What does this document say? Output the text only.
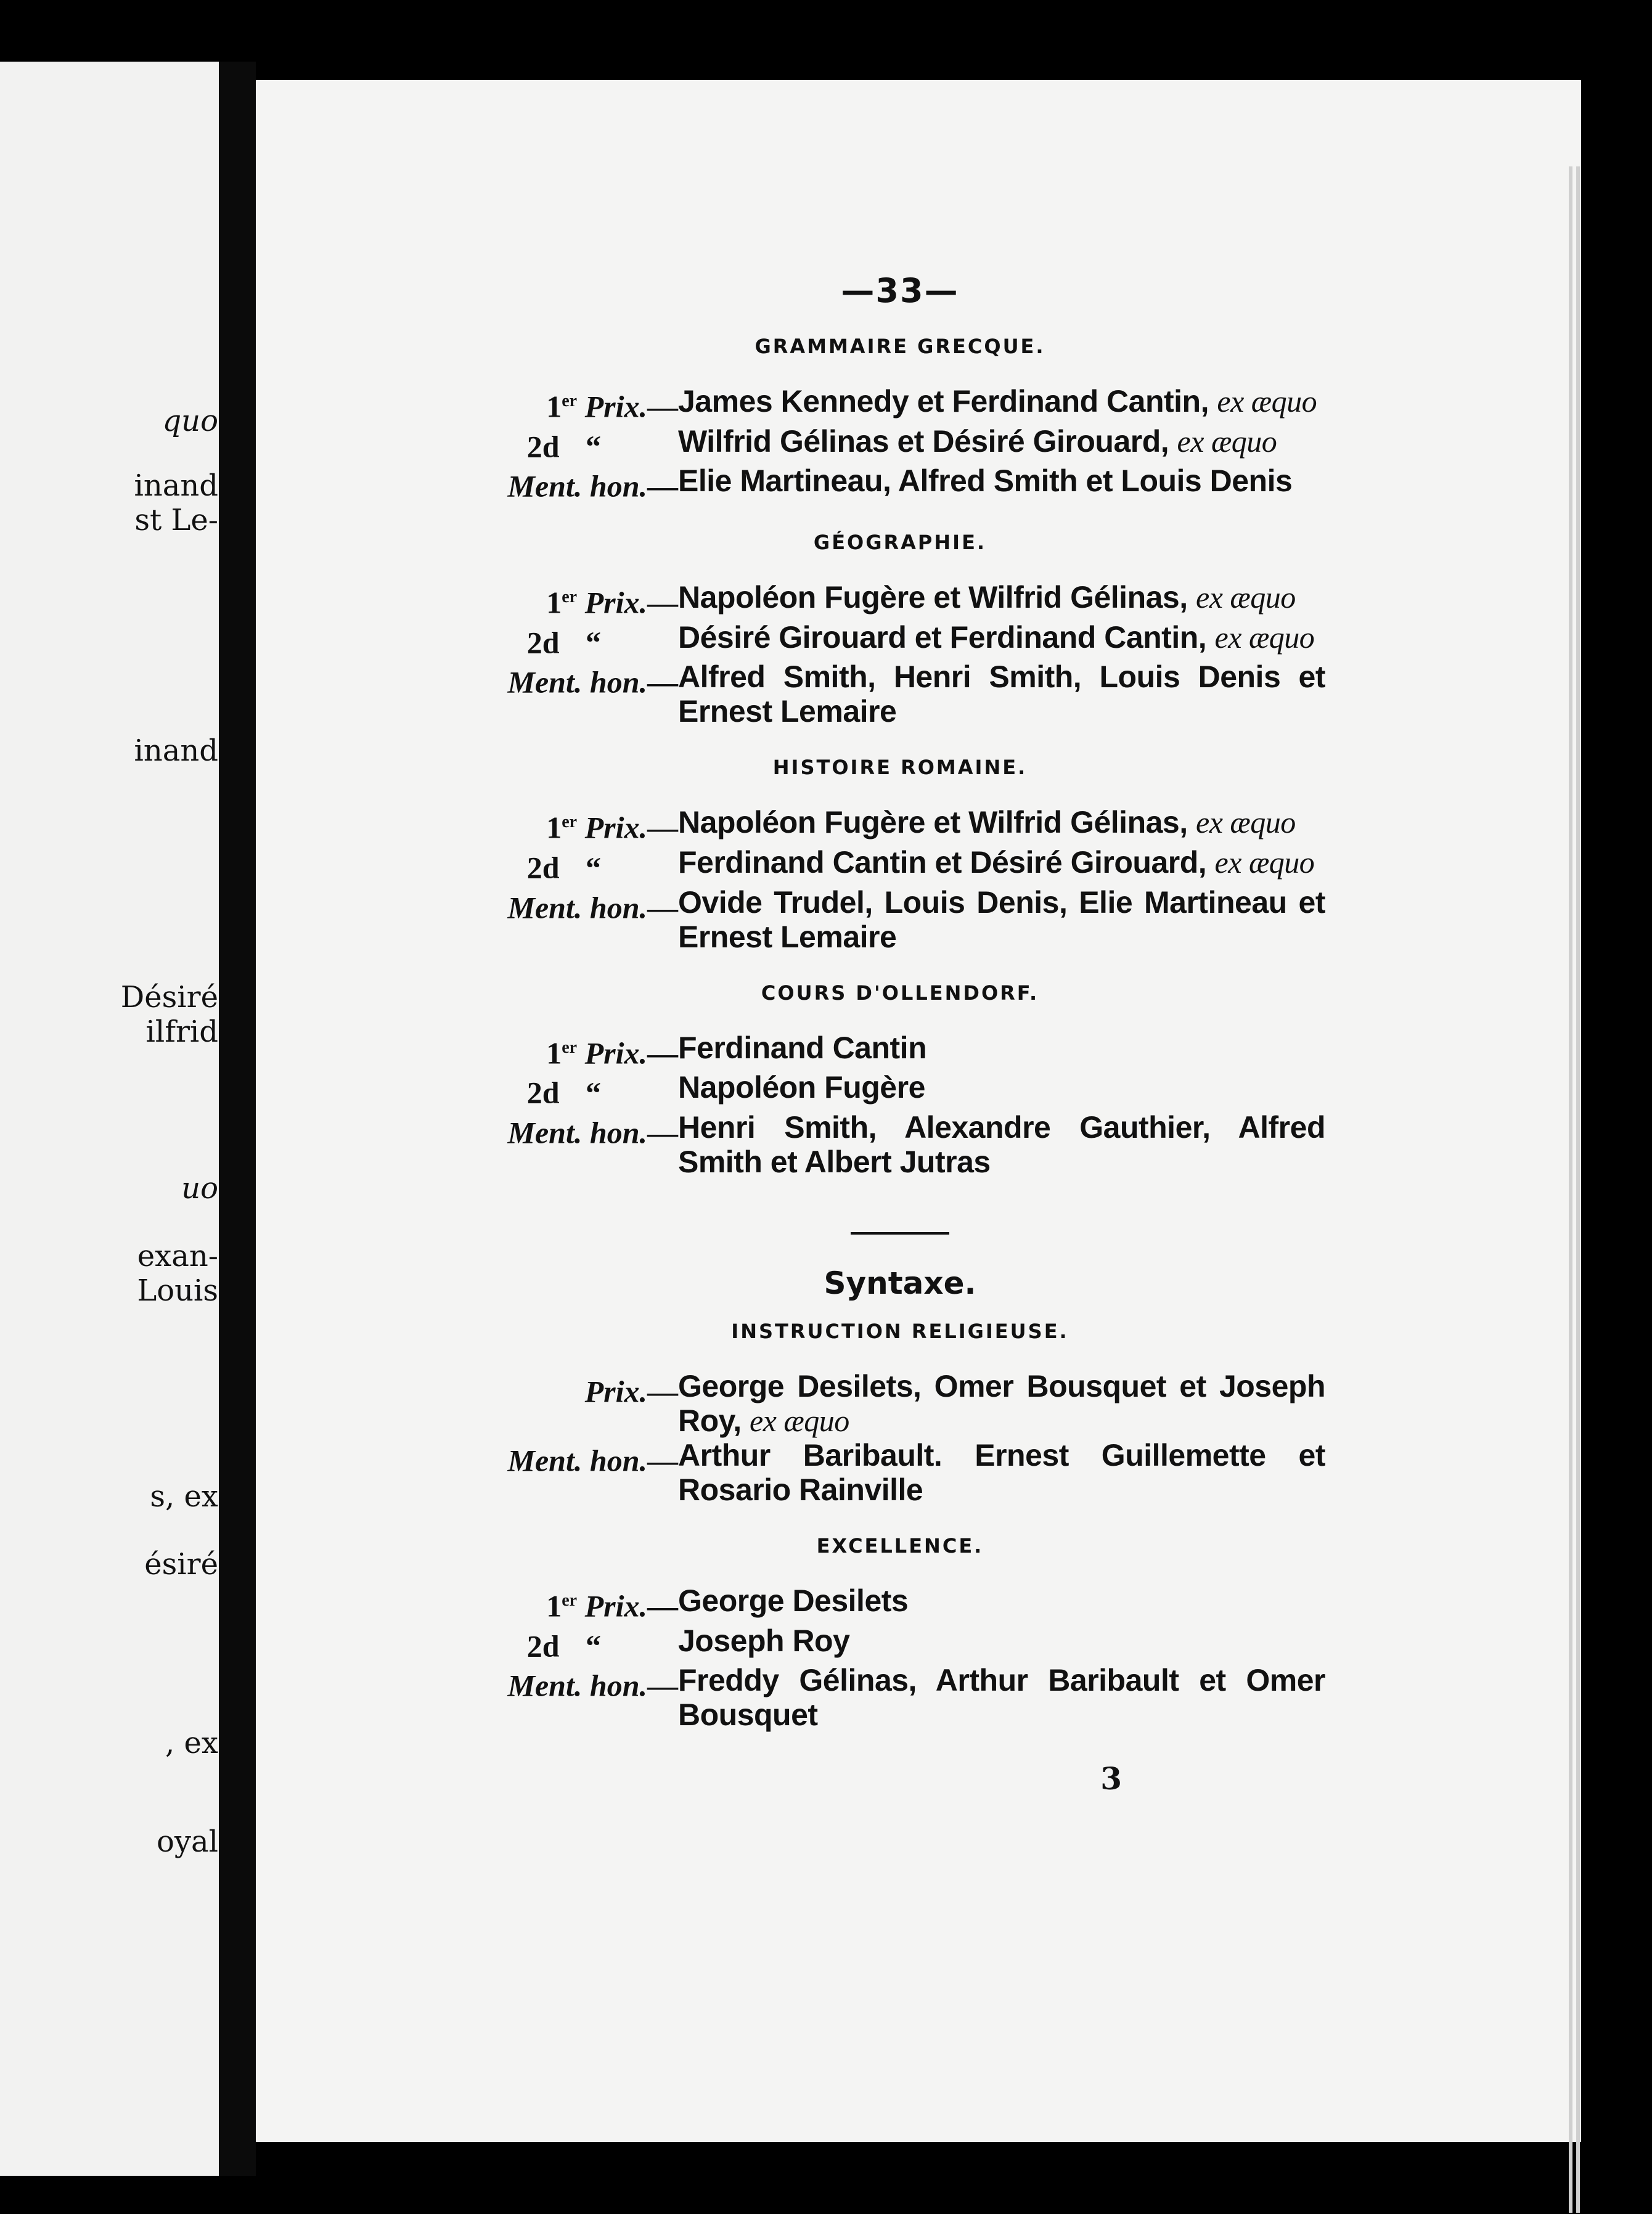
quo
inand
st Le-
inand
Désiré
ilfrid
uo
exan-
Louis
s, ex
ésiré
, ex
oyal
—33—
GRAMMAIRE GRECQUE.
1er Prix.— James Kennedy et Ferdinand Cantin, ex æquo
2d “	Wilfrid Gélinas et Désiré Girouard, ex æquo
Ment. hon.— Elie Martineau, Alfred Smith et Louis Denis
GÉOGRAPHIE.
1er Prix.— Napoléon Fugère et Wilfrid Gélinas, ex æquo
2d “	Désiré Girouard et Ferdinand Cantin, ex æquo
Ment. hon.— Alfred Smith, Henri Smith, Louis Denis et Ernest Lemaire
HISTOIRE ROMAINE.
1er Prix.— Napoléon Fugère et Wilfrid Gélinas, ex æquo
2d “	Ferdinand Cantin et Désiré Girouard, ex æquo
Ment. hon.— Ovide Trudel, Louis Denis, Elie Martineau et Ernest Lemaire
COURS D'OLLENDORF.
1er Prix.— Ferdinand Cantin
2d “	Napoléon Fugère
Ment. hon.— Henri Smith, Alexandre Gauthier, Alfred Smith et Albert Jutras
Syntaxe.
INSTRUCTION RELIGIEUSE.
Prix.— George Desilets, Omer Bousquet et Joseph Roy, ex æquo
Ment. hon.— Arthur Baribault. Ernest Guillemette et Rosario Rainville
EXCELLENCE.
1er Prix.— George Desilets
2d “	Joseph Roy
Ment. hon.— Freddy Gélinas, Arthur Baribault et Omer Bousquet
3
